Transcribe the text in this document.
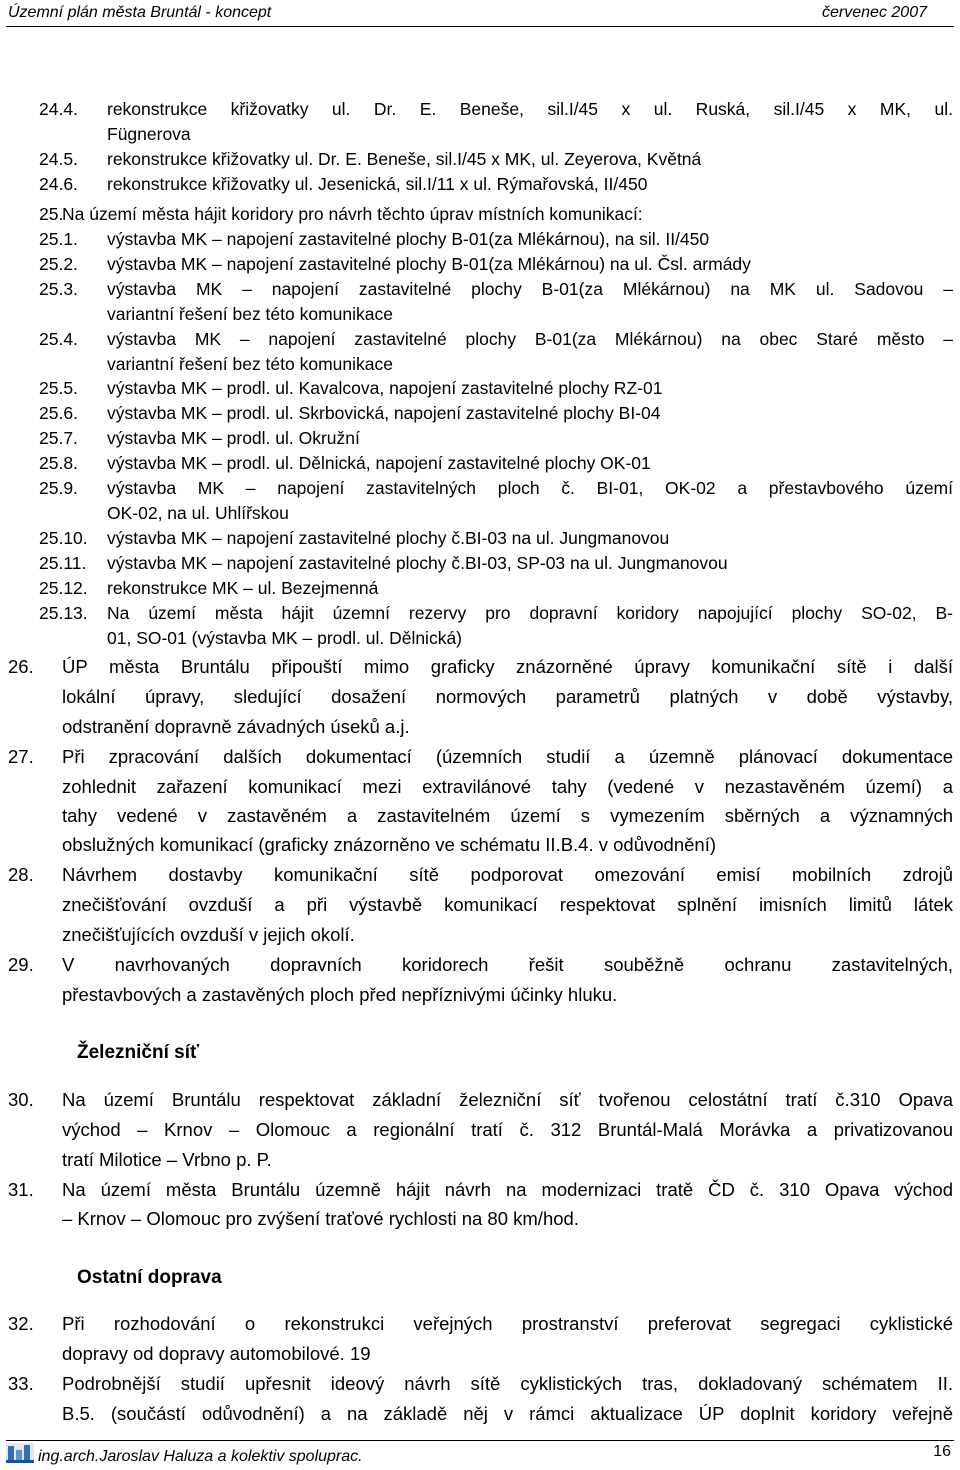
Územní plán města Bruntál - koncept	červenec 2007
24.4. rekonstrukce křižovatky ul. Dr. E. Beneše, sil.I/45 x ul. Ruská, sil.I/45 x MK, ul.
Fügnerova
24.5. rekonstrukce křižovatky ul. Dr. E. Beneše, sil.I/45 x MK, ul. Zeyerova, Květná
24.6. rekonstrukce křižovatky ul. Jesenická, sil.I/11 x ul. Rýmařovská, II/450
25.
Na území města hájit koridory pro návrh těchto úprav místních komunikací:
25.1. výstavba MK – napojení zastavitelné plochy B-01(za Mlékárnou), na sil. II/450
25.2. výstavba MK – napojení zastavitelné plochy B-01(za Mlékárnou) na ul. Čsl. armády
25.3. výstavba MK – napojení zastavitelné plochy B-01(za Mlékárnou) na MK ul. Sadovou –
variantní řešení bez této komunikace
25.4. výstavba MK – napojení zastavitelné plochy B-01(za Mlékárnou) na obec Staré město –
variantní řešení bez této komunikace
25.5. výstavba MK – prodl. ul. Kavalcova, napojení zastavitelné plochy RZ-01
25.6. výstavba MK – prodl. ul. Skrbovická, napojení zastavitelné plochy BI-04
25.7. výstavba MK – prodl. ul. Okružní
25.8. výstavba MK – prodl. ul. Dělnická, napojení zastavitelné plochy OK-01
25.9. výstavba MK – napojení zastavitelných ploch č. BI-01, OK-02 a přestavbového území
OK-02, na ul. Uhlířskou
25.10. výstavba MK – napojení zastavitelné plochy č.BI-03 na ul. Jungmanovou
25.11. výstavba MK – napojení zastavitelné plochy č.BI-03, SP-03 na ul. Jungmanovou
25.12. rekonstrukce MK – ul. Bezejmenná
25.13. Na území města hájit územní rezervy pro dopravní koridory napojující plochy SO-02, B-
01, SO-01 (výstavba MK – prodl. ul. Dělnická)
26. ÚP města Bruntálu připouští mimo graficky znázorněné úpravy komunikační sítě i další
lokální úpravy, sledující dosažení normových parametrů platných v době výstavby,
odstranění dopravně závadných úseků a.j.
27. Při zpracování dalších dokumentací (územních studií a územně plánovací dokumentace
zohlednit zařazení komunikací mezi extravilánové tahy (vedené v nezastavěném území) a
tahy vedené v zastavěném a zastavitelném území s vymezením sběrných a významných
obslužných komunikací (graficky znázorněno ve schématu II.B.4. v odůvodnění)
28. Návrhem dostavby komunikační sítě podporovat omezování emisí mobilních zdrojů
znečišťování ovzduší a při výstavbě komunikací respektovat splnění imisních limitů látek
znečišťujících ovzduší v jejich okolí.
29. V navrhovaných dopravních koridorech řešit souběžně ochranu zastavitelných,
přestavbových a zastavěných ploch před nepříznivými účinky hluku.
Železniční síť
30. Na území Bruntálu respektovat základní železniční síť tvořenou celostátní tratí č.310 Opava
východ – Krnov – Olomouc a regionální tratí č. 312 Bruntál-Malá Morávka a privatizovanou
tratí Milotice – Vrbno p. P.
31. Na území města Bruntálu územně hájit návrh na modernizaci tratě ČD č. 310 Opava východ
– Krnov – Olomouc pro zvýšení traťové rychlosti na 80 km/hod.
Ostatní doprava
32. Při rozhodování o rekonstrukci veřejných prostranství preferovat segregaci cyklistické
dopravy od dopravy automobilové. 19
33. Podrobnější studií upřesnit ideový návrh sítě cyklistických tras, dokladovaný schématem II.
B.5. (součástí odůvodnění) a na základě něj v rámci aktualizace ÚP doplnit koridory veřejně
ing.arch.Jaroslav Haluza a kolektiv spoluprac.	16
